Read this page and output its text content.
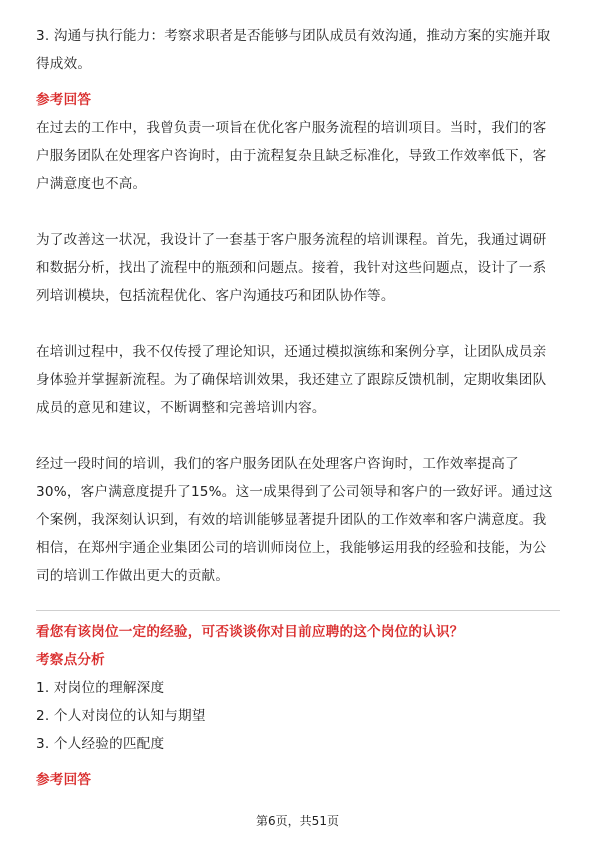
3. 沟通与执行能力：考察求职者是否能够与团队成员有效沟通，推动方案的实施并取得成效。

参考回答

在过去的工作中，我曾负责一项旨在优化客户服务流程的培训项目。当时，我们的客户服务团队在处理客户咨询时，由于流程复杂且缺乏标准化，导致工作效率低下，客户满意度也不高。

为了改善这一状况，我设计了一套基于客户服务流程的培训课程。首先，我通过调研和数据分析，找出了流程中的瓶颈和问题点。接着，我针对这些问题点，设计了一系列培训模块，包括流程优化、客户沟通技巧和团队协作等。

在培训过程中，我不仅传授了理论知识，还通过模拟演练和案例分享，让团队成员亲身体验并掌握新流程。为了确保培训效果，我还建立了跟踪反馈机制，定期收集团队成员的意见和建议，不断调整和完善培训内容。

经过一段时间的培训，我们的客户服务团队在处理客户咨询时，工作效率提高了30%，客户满意度提升了15%。这一成果得到了公司领导和客户的一致好评。通过这个案例，我深刻认识到，有效的培训能够显著提升团队的工作效率和客户满意度。我相信，在郑州宇通企业集团公司的培训师岗位上，我能够运用我的经验和技能，为公司的培训工作做出更大的贡献。

看您有该岗位一定的经验，可否谈谈你对目前应聘的这个岗位的认识？

考察点分析

1. 对岗位的理解深度

2. 个人对岗位的认知与期望

3. 个人经验的匹配度

参考回答

第6页，共51页
